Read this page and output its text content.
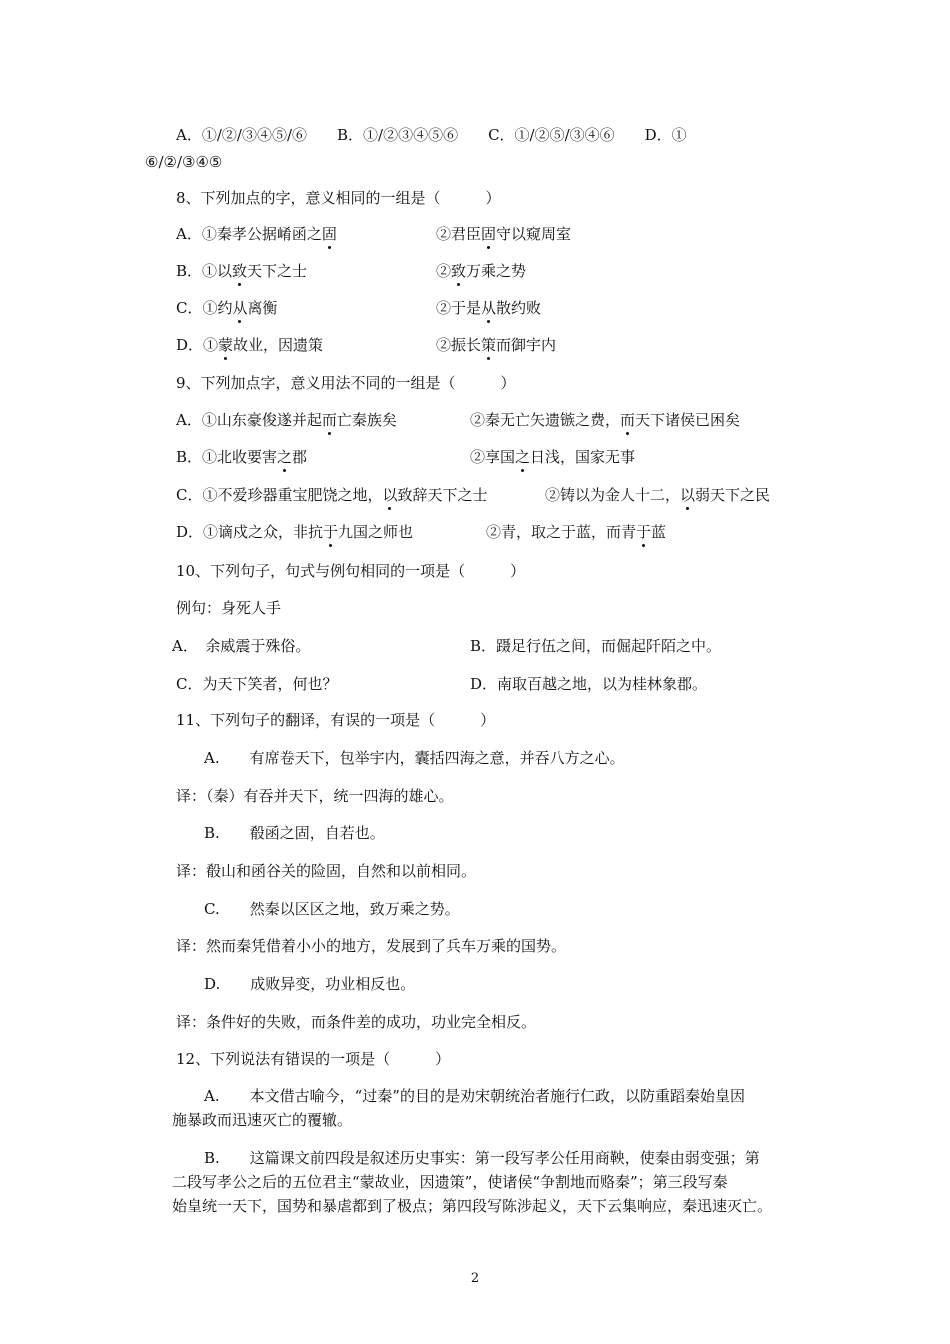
A．①/②/③④⑤/⑥　　B．①/②③④⑤⑥　　C．①/②⑤/③④⑥　　D．①
⑥/②/③④⑤
8、下列加点的字，意义相同的一组是（　　　）
A．①秦孝公据崤函之固	②君臣固守以窥周室
B．①以致天下之士	②致万乘之势
C．①约从离衡	②于是从散约败
D．①蒙故业，因遗策	②振长策而御宇内
9、下列加点字，意义用法不同的一组是（　　　）
A．①山东豪俊遂并起而亡秦族矣	②秦无亡矢遗镞之费，而天下诸侯已困矣
B．①北收要害之郡	②享国之日浅，国家无事
C．①不爱珍器重宝肥饶之地，以致辞天下之士	②铸以为金人十二，以弱天下之民
D．①谪戍之众，非抗于九国之师也	②青，取之于蓝，而青于蓝
10、下列句子，句式与例句相同的一项是（　　　）
例句：身死人手
A．　余威震于殊俗。	B．蹑足行伍之间，而倔起阡陌之中。
C．为天下笑者，何也？	D．南取百越之地，以为桂林象郡。
11、下列句子的翻译，有误的一项是（　　　）
A.　　有席卷天下，包举宇内，囊括四海之意，并吞八方之心。
译：（秦）有吞并天下，统一四海的雄心。
B.　　殽函之固，自若也。
译：殽山和函谷关的险固，自然和以前相同。
C.　　然秦以区区之地，致万乘之势。
译：然而秦凭借着小小的地方，发展到了兵车万乘的国势。
D.　　成败异变，功业相反也。
译：条件好的失败，而条件差的成功，功业完全相反。
12、下列说法有错误的一项是（　　　）
A.　　本文借古喻今，“过秦”的目的是劝宋朝统治者施行仁政，以防重蹈秦始皇因
施暴政而迅速灭亡的覆辙。
B.　　这篇课文前四段是叙述历史事实：第一段写孝公任用商鞅，使秦由弱变强；第
二段写孝公之后的五位君主“蒙故业，因遗策”，使诸侯“争割地而赂秦”；第三段写秦
始皇统一天下，国势和暴虐都到了极点；第四段写陈涉起义，天下云集响应，秦迅速灭亡。
2
